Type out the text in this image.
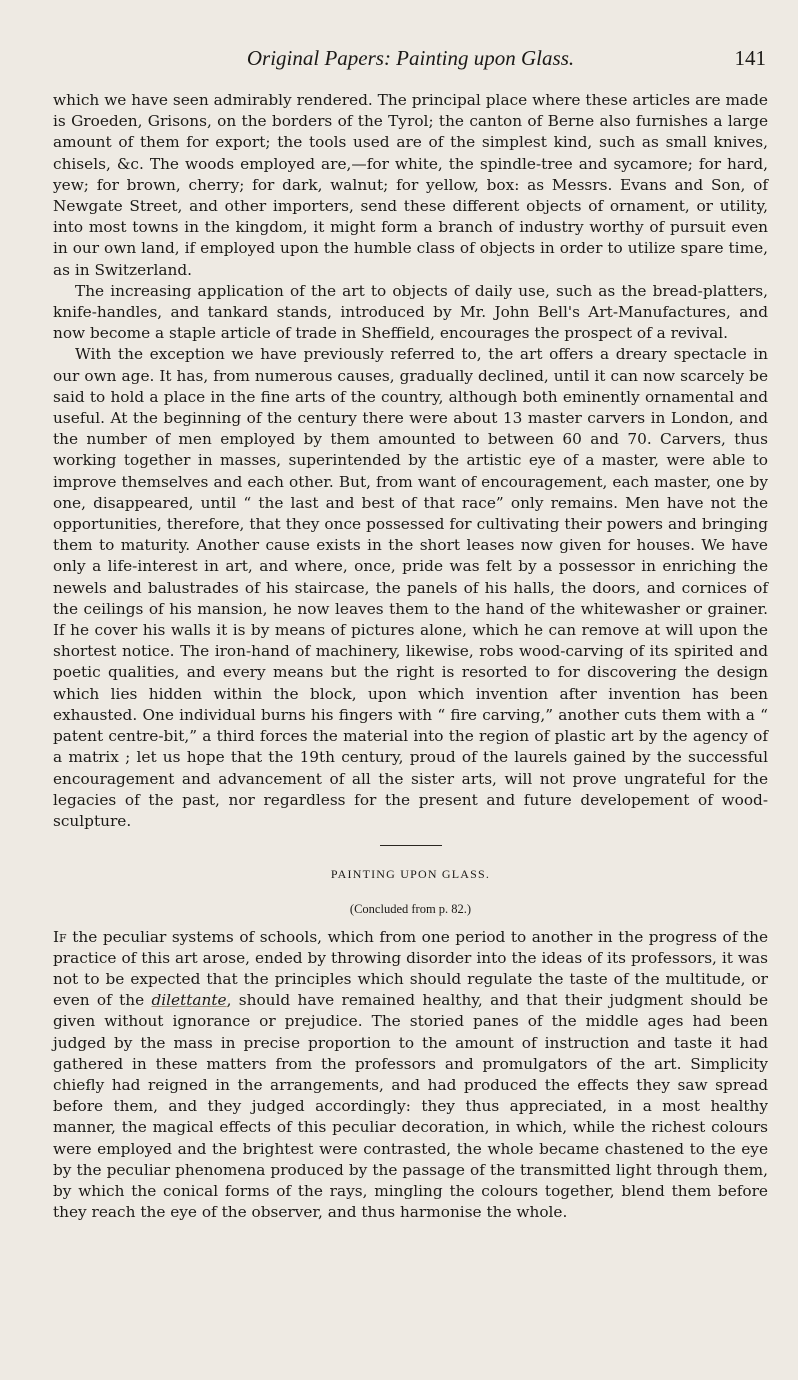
Original Papers: Painting upon Glass.	141

which we have seen admirably rendered. The principal place where these articles are made is Groeden, Grisons, on the borders of the Tyrol; the canton of Berne also furnishes a large amount of them for export; the tools used are of the simplest kind, such as small knives, chisels, &c. The woods employed are,—for white, the spindle-tree and sycamore; for hard, yew; for brown, cherry; for dark, walnut; for yellow, box: as Messrs. Evans and Son, of Newgate Street, and other importers, send these different objects of ornament, or utility, into most towns in the kingdom, it might form a branch of industry worthy of pursuit even in our own land, if employed upon the humble class of objects in order to utilize spare time, as in Switzerland.

The increasing application of the art to objects of daily use, such as the bread-platters, knife-handles, and tankard stands, introduced by Mr. John Bell's Art-Manufactures, and now become a staple article of trade in Sheffield, encourages the prospect of a revival.

With the exception we have previously referred to, the art offers a dreary spectacle in our own age. It has, from numerous causes, gradually declined, until it can now scarcely be said to hold a place in the fine arts of the country, although both eminently ornamental and useful. At the beginning of the century there were about 13 master carvers in London, and the number of men employed by them amounted to between 60 and 70. Carvers, thus working together in masses, superintended by the artistic eye of a master, were able to improve themselves and each other. But, from want of encouragement, each master, one by one, disappeared, until “ the last and best of that race” only remains. Men have not the opportunities, therefore, that they once possessed for cultivating their powers and bringing them to maturity. Another cause exists in the short leases now given for houses. We have only a life-interest in art, and where, once, pride was felt by a possessor in enriching the newels and balustrades of his staircase, the panels of his halls, the doors, and cornices of the ceilings of his mansion, he now leaves them to the hand of the whitewasher or grainer. If he cover his walls it is by means of pictures alone, which he can remove at will upon the shortest notice. The iron-hand of machinery, likewise, robs wood-carving of its spirited and poetic qualities, and every means but the right is resorted to for discovering the design which lies hidden within the block, upon which invention after invention has been exhausted. One individual burns his fingers with “ fire carving,” another cuts them with a “ patent centre-bit,” a third forces the material into the region of plastic art by the agency of a matrix ; let us hope that the 19th century, proud of the laurels gained by the successful encouragement and advancement of all the sister arts, will not prove ungrateful for the legacies of the past, nor regardless for the present and future developement of wood-sculpture.

PAINTING UPON GLASS.
(Concluded from p. 82.)

If the peculiar systems of schools, which from one period to another in the progress of the practice of this art arose, ended by throwing disorder into the ideas of its professors, it was not to be expected that the principles which should regulate the taste of the multitude, or even of the dilettante, should have remained healthy, and that their judgment should be given without ignorance or prejudice. The storied panes of the middle ages had been judged by the mass in precise proportion to the amount of instruction and taste it had gathered in these matters from the professors and promulgators of the art. Simplicity chiefly had reigned in the arrangements, and had produced the effects they saw spread before them, and they judged accordingly: they thus appreciated, in a most healthy manner, the magical effects of this peculiar decoration, in which, while the richest colours were employed and the brightest were contrasted, the whole became chastened to the eye by the peculiar phenomena produced by the passage of the transmitted light through them, by which the conical forms of the rays, mingling the colours together, blend them before they reach the eye of the observer, and thus harmonise the whole.
